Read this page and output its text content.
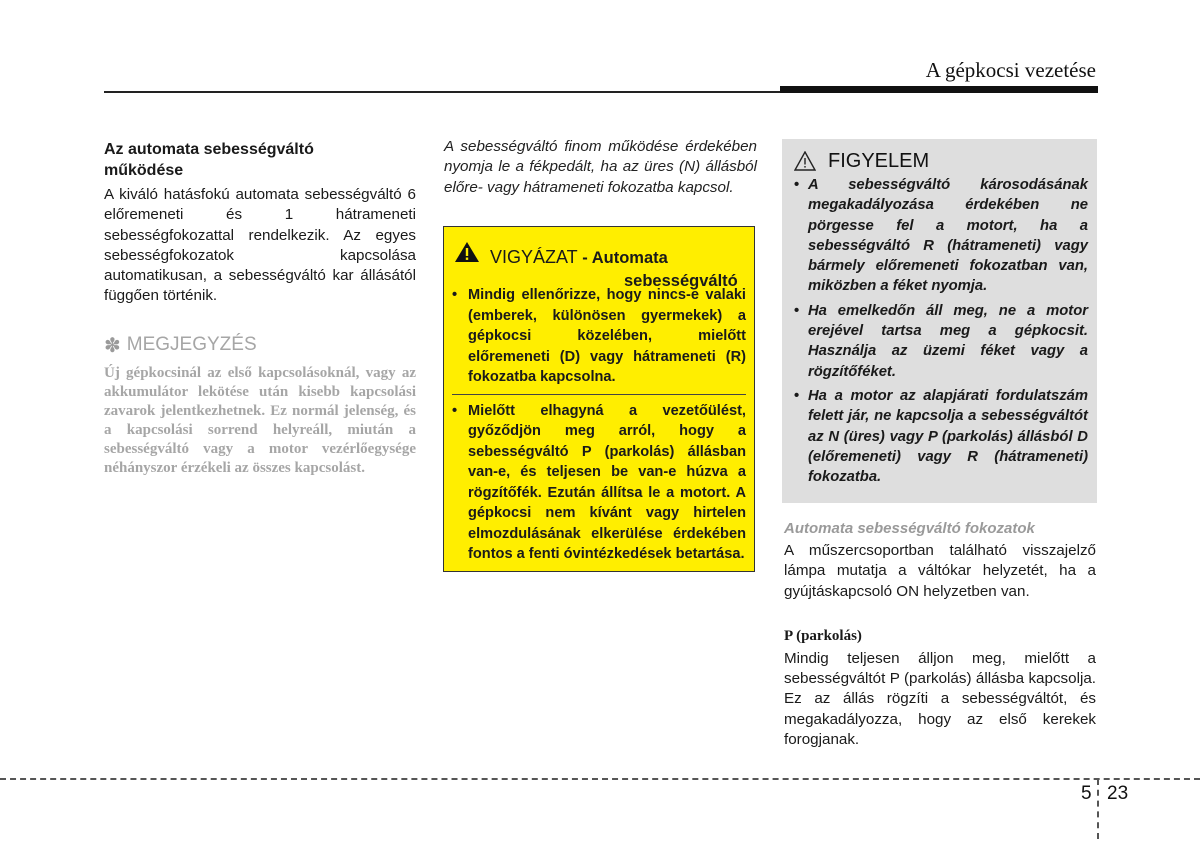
A gépkocsi vezetése
Az automata sebességváltó
működése

A kiváló hatásfokú automata sebességváltó 6 előremeneti és 1 hátrameneti sebességfokozattal rendelkezik. Az egyes sebességfokozatok kapcsolása automatikusan, a sebességváltó kar állásától függően történik.

✽ MEGJEGYZÉS
Új gépkocsinál az első kapcsolásoknál, vagy az akkumulátor lekötése után kisebb kapcsolási zavarok jelentkezhetnek. Ez normál jelenség, és a kapcsolási sorrend helyreáll, miután a sebességváltó vagy a motor vezérlőegysége néhányszor érzékeli az összes kapcsolást.

A sebességváltó finom működése érdekében nyomja le a fékpedált, ha az üres (N) állásból előre- vagy hátrameneti fokozatba kapcsol.

VIGYÁZAT - Automata
sebességváltó
• Mindig ellenőrizze, hogy nincs-e valaki (emberek, különösen gyermekek) a gépkocsi közelében, mielőtt előremeneti (D) vagy hátrameneti (R) fokozatba kapcsolna.
• Mielőtt elhagyná a vezetőülést, győződjön meg arról, hogy a sebességváltó P (parkolás) állásban van-e, és teljesen be van-e húzva a rögzítőfék. Ezután állítsa le a motort. A gépkocsi nem kívánt vagy hirtelen elmozdulásának elkerülése érdekében fontos a fenti óvintézkedések betartása.
FIGYELEM
• A sebességváltó károsodásának megakadályozása érdekében ne pörgesse fel a motort, ha a sebességváltó R (hátrameneti) vagy bármely előremeneti fokozatban van, miközben a féket nyomja.
• Ha emelkedőn áll meg, ne a motor erejével tartsa meg a gépkocsit. Használja az üzemi féket vagy a rögzítőféket.
• Ha a motor az alapjárati fordulatszám felett jár, ne kapcsolja a sebességváltót az N (üres) vagy P (parkolás) állásból D (előremeneti) vagy R (hátrameneti) fokozatba.
Automata sebességváltó fokozatok

A műszercsoportban található visszajelző lámpa mutatja a váltókar helyzetét, ha a gyújtáskapcsoló ON helyzetben van.

P (parkolás)

Mindig teljesen álljon meg, mielőtt a sebességváltót P (parkolás) állásba kapcsolja. Ez az állás rögzíti a sebességváltót, és megakadályozza, hogy az első kerekek forogjanak.

5 23
